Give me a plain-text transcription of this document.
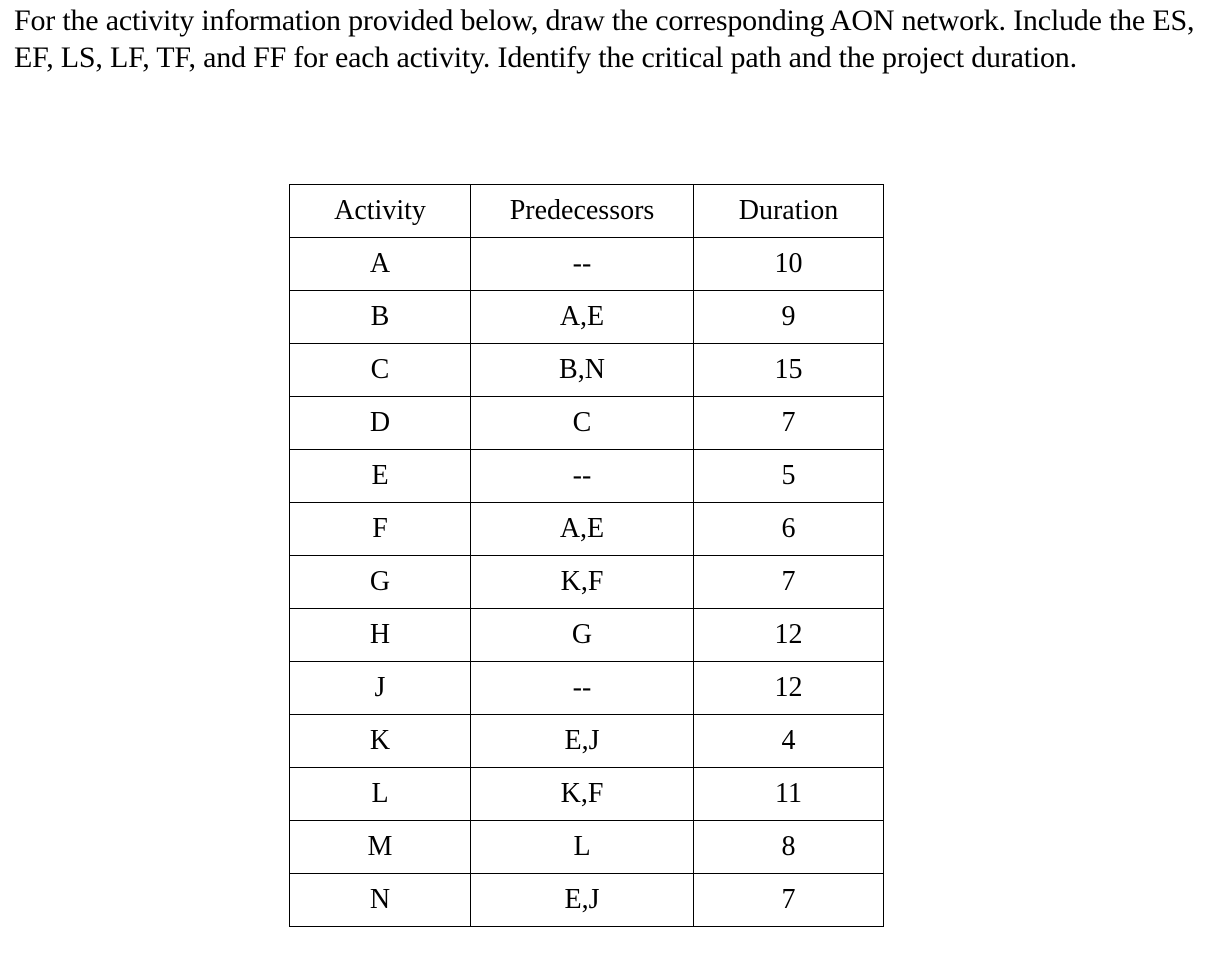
For the activity information provided below, draw the corresponding AON network. Include the ES, EF, LS, LF, TF, and FF for each activity. Identify the critical path and the project duration.

Activity	Predecessors	Duration
A	--	10
B	A,E	9
C	B,N	15
D	C	7
E	--	5
F	A,E	6
G	K,F	7
H	G	12
J	--	12
K	E,J	4
L	K,F	11
M	L	8
N	E,J	7
